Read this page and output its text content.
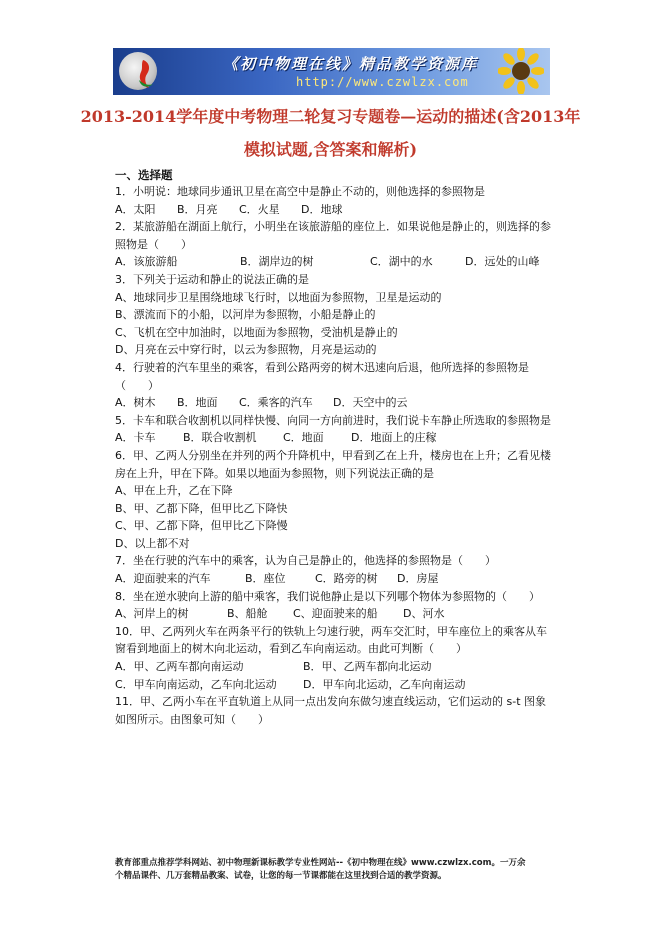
《初中物理在线》精品教学资源库
http://www.czwlzx.com
2013-2014学年度中考物理二轮复习专题卷—运动的描述(含2013年
模拟试题,含答案和解析)
一、选择题
1．小明说：地球同步通讯卫星在高空中是静止不动的，则他选择的参照物是
A．太阳 B．月亮 C．火星 D．地球
2．某旅游船在湖面上航行，小明坐在该旅游船的座位上．如果说他是静止的，则选择的参
照物是（　　）
A．该旅游船	B．湖岸边的树	C．湖中的水	D．远处的山峰
3．下列关于运动和静止的说法正确的是
A、地球同步卫星围绕地球飞行时，以地面为参照物，卫星是运动的
B、漂流而下的小船，以河岸为参照物，小船是静止的
C、飞机在空中加油时，以地面为参照物，受油机是静止的
D、月亮在云中穿行时，以云为参照物，月亮是运动的
4．行驶着的汽车里坐的乘客，看到公路两旁的树木迅速向后退，他所选择的参照物是
（　　）
A．树木 B．地面 C．乘客的汽车 D．天空中的云
5．卡车和联合收割机以同样快慢、向同一方向前进时，我们说卡车静止所选取的参照物是
A．卡车 B．联合收割机 C．地面 D．地面上的庄稼
6．甲、乙两人分别坐在并列的两个升降机中，甲看到乙在上升，楼房也在上升；乙看见楼
房在上升，甲在下降。如果以地面为参照物，则下列说法正确的是
A、甲在上升，乙在下降
B、甲、乙都下降，但甲比乙下降快
C、甲、乙都下降，但甲比乙下降慢
D、以上都不对
7．坐在行驶的汽车中的乘客，认为自己是静止的，他选择的参照物是（　　）
A．迎面驶来的汽车	B．座位	C．路旁的树 D．房屋
8．坐在逆水驶向上游的船中乘客，我们说他静止是以下列哪个物体为参照物的（　　）
A、河岸上的树	B、船舱 C、迎面驶来的船 D、河水
10．甲、乙两列火车在两条平行的铁轨上匀速行驶，两车交汇时，甲车座位上的乘客从车
窗看到地面上的树木向北运动，看到乙车向南运动。由此可判断（　　）
A．甲、乙两车都向南运动	B．甲、乙两车都向北运动
C．甲车向南运动，乙车向北运动 D．甲车向北运动，乙车向南运动
11．甲、乙两小车在平直轨道上从同一点出发向东做匀速直线运动，它们运动的 s-t 图象
如图所示。由图象可知（　　）
教育部重点推荐学科网站、初中物理新课标教学专业性网站--《初中物理在线》www.czwlzx.com。一万余
个精品课件、几万套精品教案、试卷，让您的每一节课都能在这里找到合适的教学资源。
